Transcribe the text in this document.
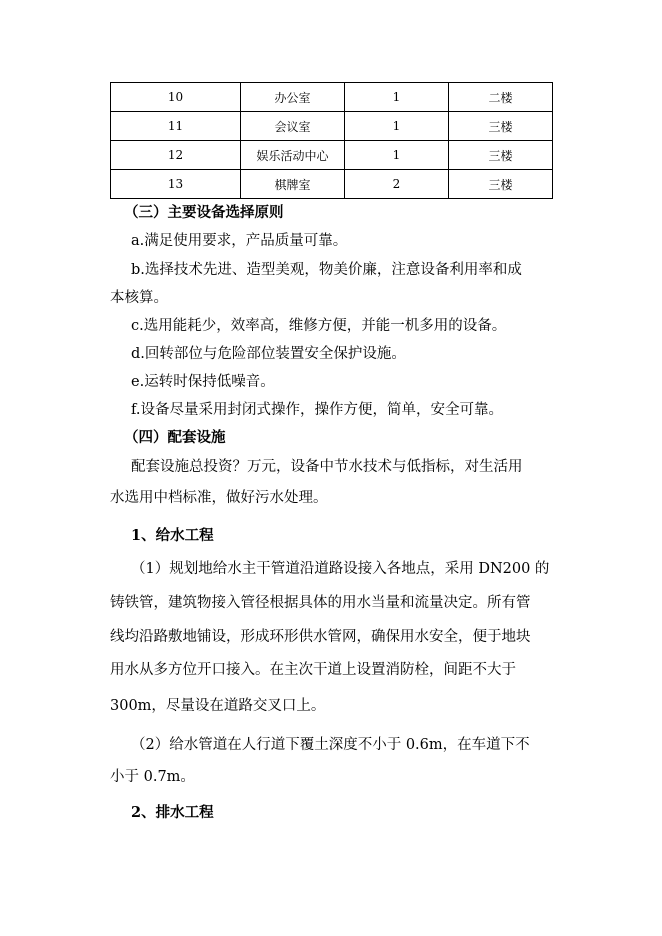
10	办公室	1	二楼
11	会议室	1	三楼
12	娱乐活动中心	1	三楼
13	棋牌室	2	三楼
（三）主要设备选择原则
a.满足使用要求，产品质量可靠。
b.选择技术先进、造型美观，物美价廉，注意设备利用率和成
本核算。
c.选用能耗少，效率高，维修方便，并能一机多用的设备。
d.回转部位与危险部位装置安全保护设施。
e.运转时保持低噪音。
f.设备尽量采用封闭式操作，操作方便，简单，安全可靠。
（四）配套设施
配套设施总投资？万元，设备中节水技术与低指标，对生活用
水选用中档标准，做好污水处理。
1、给水工程
（1）规划地给水主干管道沿道路设接入各地点，采用 DN200 的
铸铁管，建筑物接入管径根据具体的用水当量和流量决定。所有管
线均沿路敷地铺设，形成环形供水管网，确保用水安全，便于地块
用水从多方位开口接入。在主次干道上设置消防栓，间距不大于
300m，尽量设在道路交叉口上。
（2）给水管道在人行道下覆土深度不小于 0.6m，在车道下不
小于 0.7m。
2、排水工程
